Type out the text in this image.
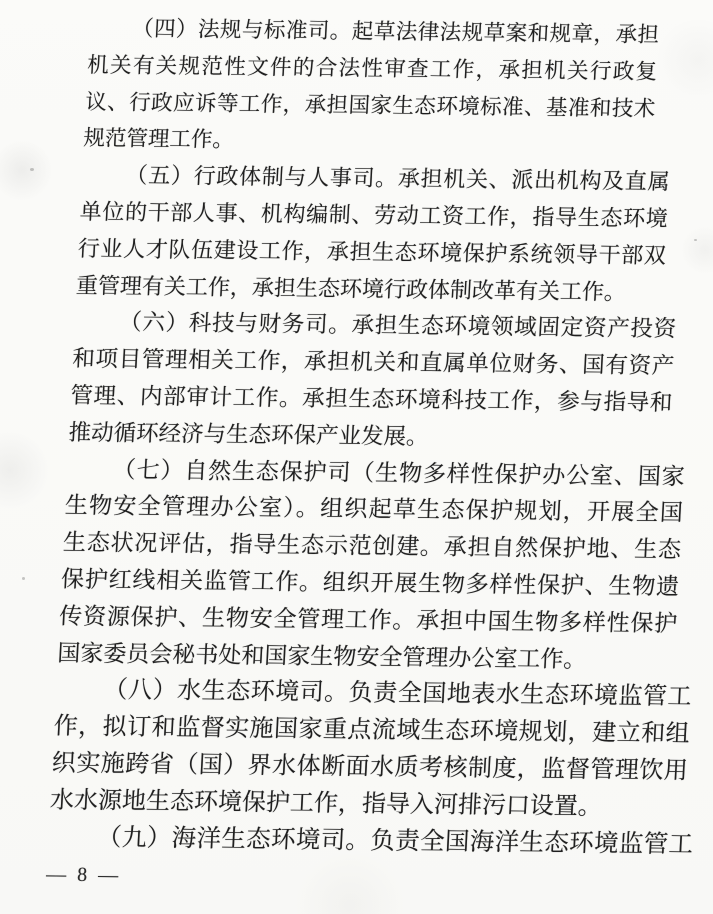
（四）法规与标准司。起草法律法规草案和规章，承担
机关有关规范性文件的合法性审查工作，承担机关行政复
议、行政应诉等工作，承担国家生态环境标准、基准和技术
规范管理工作。
（五）行政体制与人事司。承担机关、派出机构及直属
单位的干部人事、机构编制、劳动工资工作，指导生态环境
行业人才队伍建设工作，承担生态环境保护系统领导干部双
重管理有关工作，承担生态环境行政体制改革有关工作。
（六）科技与财务司。承担生态环境领域固定资产投资
和项目管理相关工作，承担机关和直属单位财务、国有资产
管理、内部审计工作。承担生态环境科技工作，参与指导和
推动循环经济与生态环保产业发展。
（七）自然生态保护司（生物多样性保护办公室、国家
生物安全管理办公室）。组织起草生态保护规划，开展全国
生态状况评估，指导生态示范创建。承担自然保护地、生态
保护红线相关监管工作。组织开展生物多样性保护、生物遗
传资源保护、生物安全管理工作。承担中国生物多样性保护
国家委员会秘书处和国家生物安全管理办公室工作。
（八）水生态环境司。负责全国地表水生态环境监管工
作，拟订和监督实施国家重点流域生态环境规划，建立和组
织实施跨省（国）界水体断面水质考核制度，监督管理饮用
水水源地生态环境保护工作，指导入河排污口设置。
（九）海洋生态环境司。负责全国海洋生态环境监管工
— 8 —
